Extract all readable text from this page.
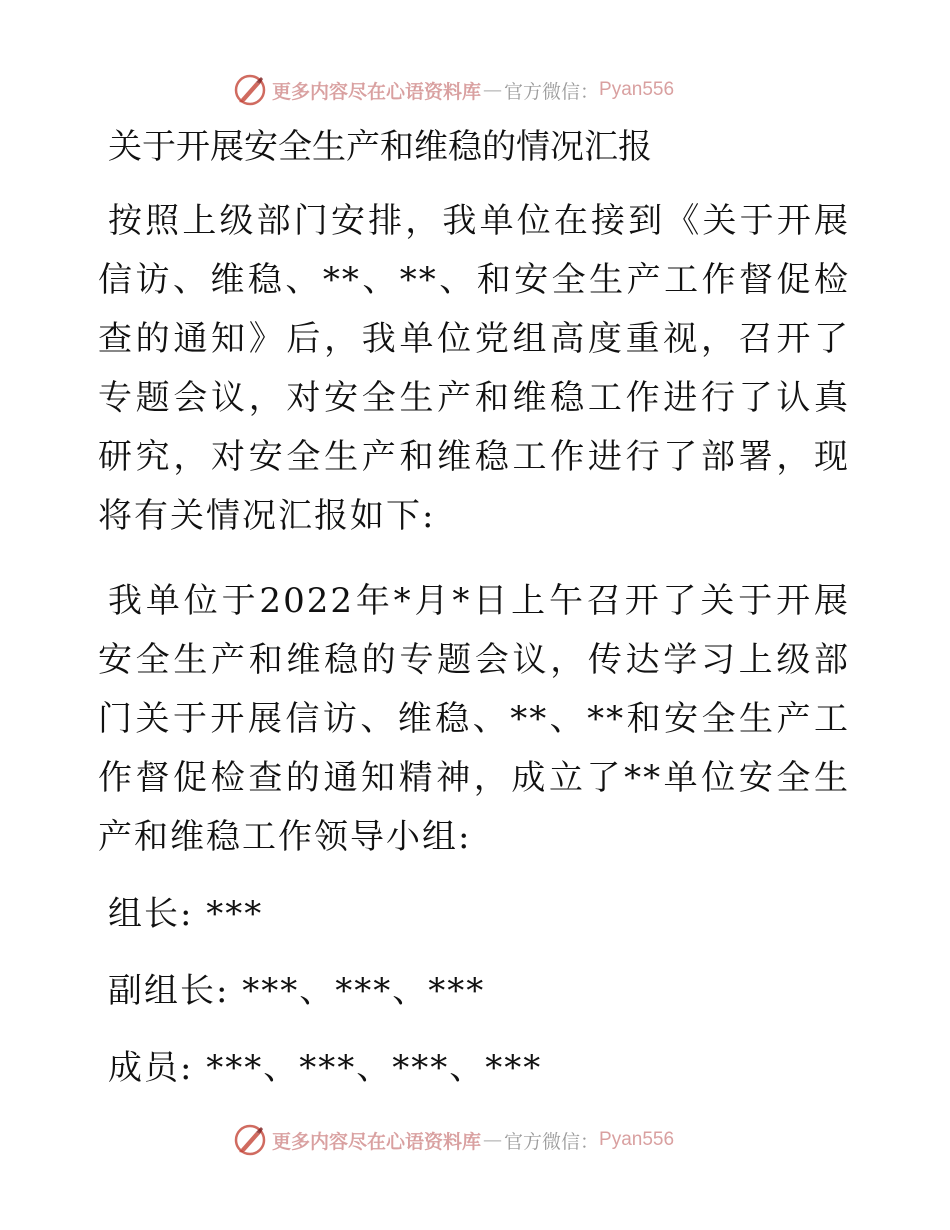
更多内容尽在心语资料库 — 官方微信： Pyan556
关于开展安全生产和维稳的情况汇报

按照上级部门安排，我单位在接到《关于开展信访、维稳、**、**、和安全生产工作督促检查的通知》后，我单位党组高度重视，召开了专题会议，对安全生产和维稳工作进行了认真研究，对安全生产和维稳工作进行了部署，现将有关情况汇报如下:

我单位于2022年*月*日上午召开了关于开展安全生产和维稳的专题会议，传达学习上级部门关于开展信访、维稳、**、**和安全生产工作督促检查的通知精神，成立了**单位安全生产和维稳工作领导小组:

组长: ***

副组长: ***、***、***

成员: ***、***、***、***

更多内容尽在心语资料库 — 官方微信： Pyan556
